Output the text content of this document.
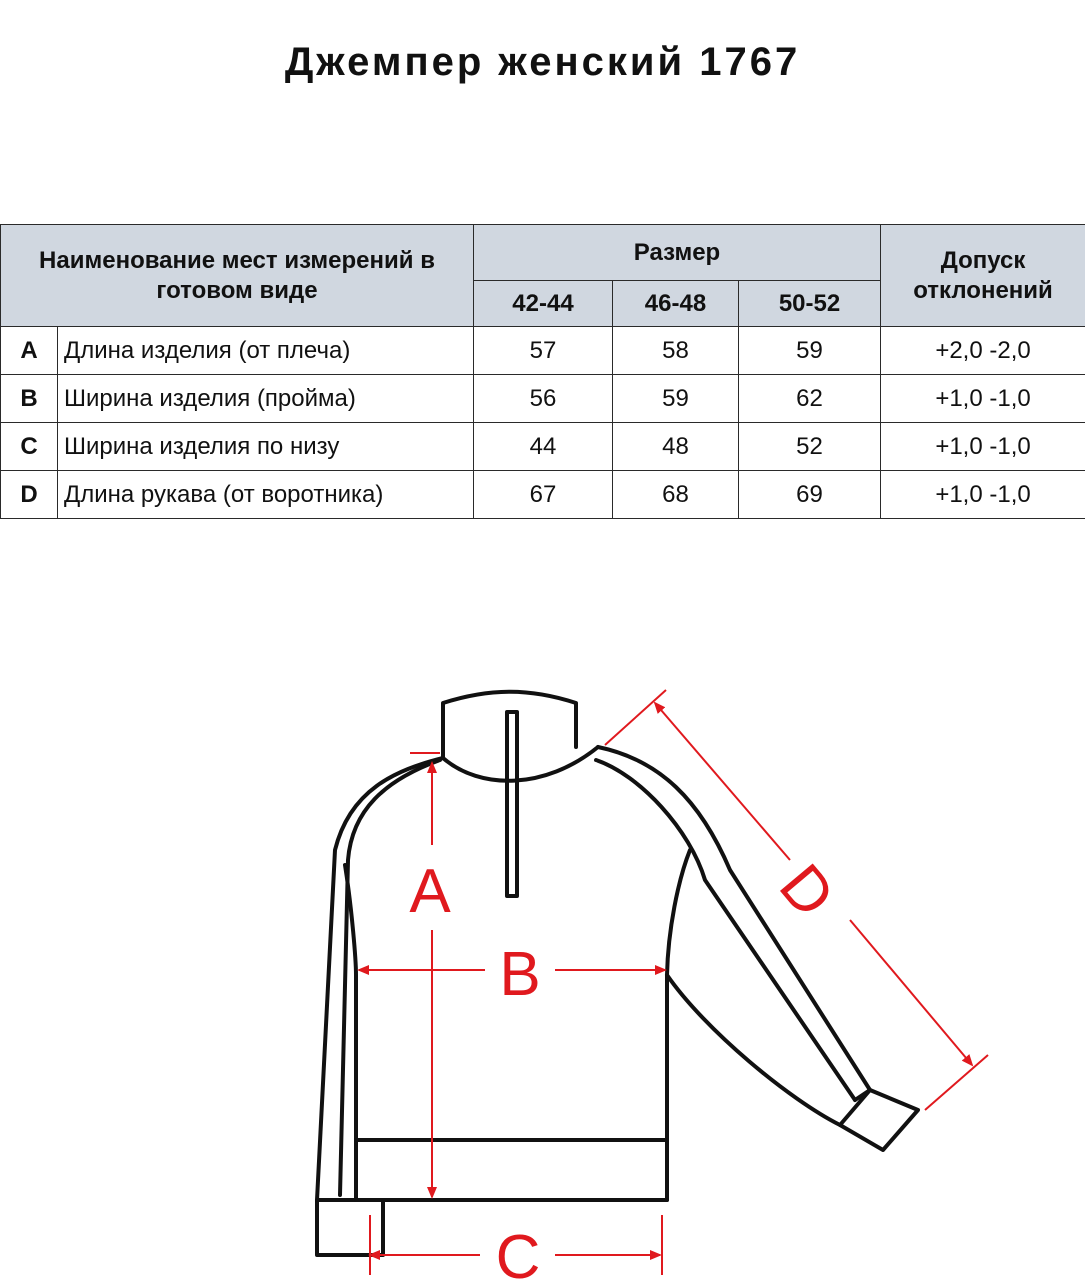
Джемпер женский 1767
Наименование мест измерений в готовом виде		Размер			Допуск отклонений
		42-44	46-48	50-52	
A	Длина изделия (от плеча)	57	58	59	+2,0 -2,0
B	Ширина изделия (пройма)	56	59	62	+1,0 -1,0
C	Ширина изделия по низу	44	48	52	+1,0 -1,0
D	Длина рукава (от воротника)	67	68	69	+1,0 -1,0
A
B
C
D
